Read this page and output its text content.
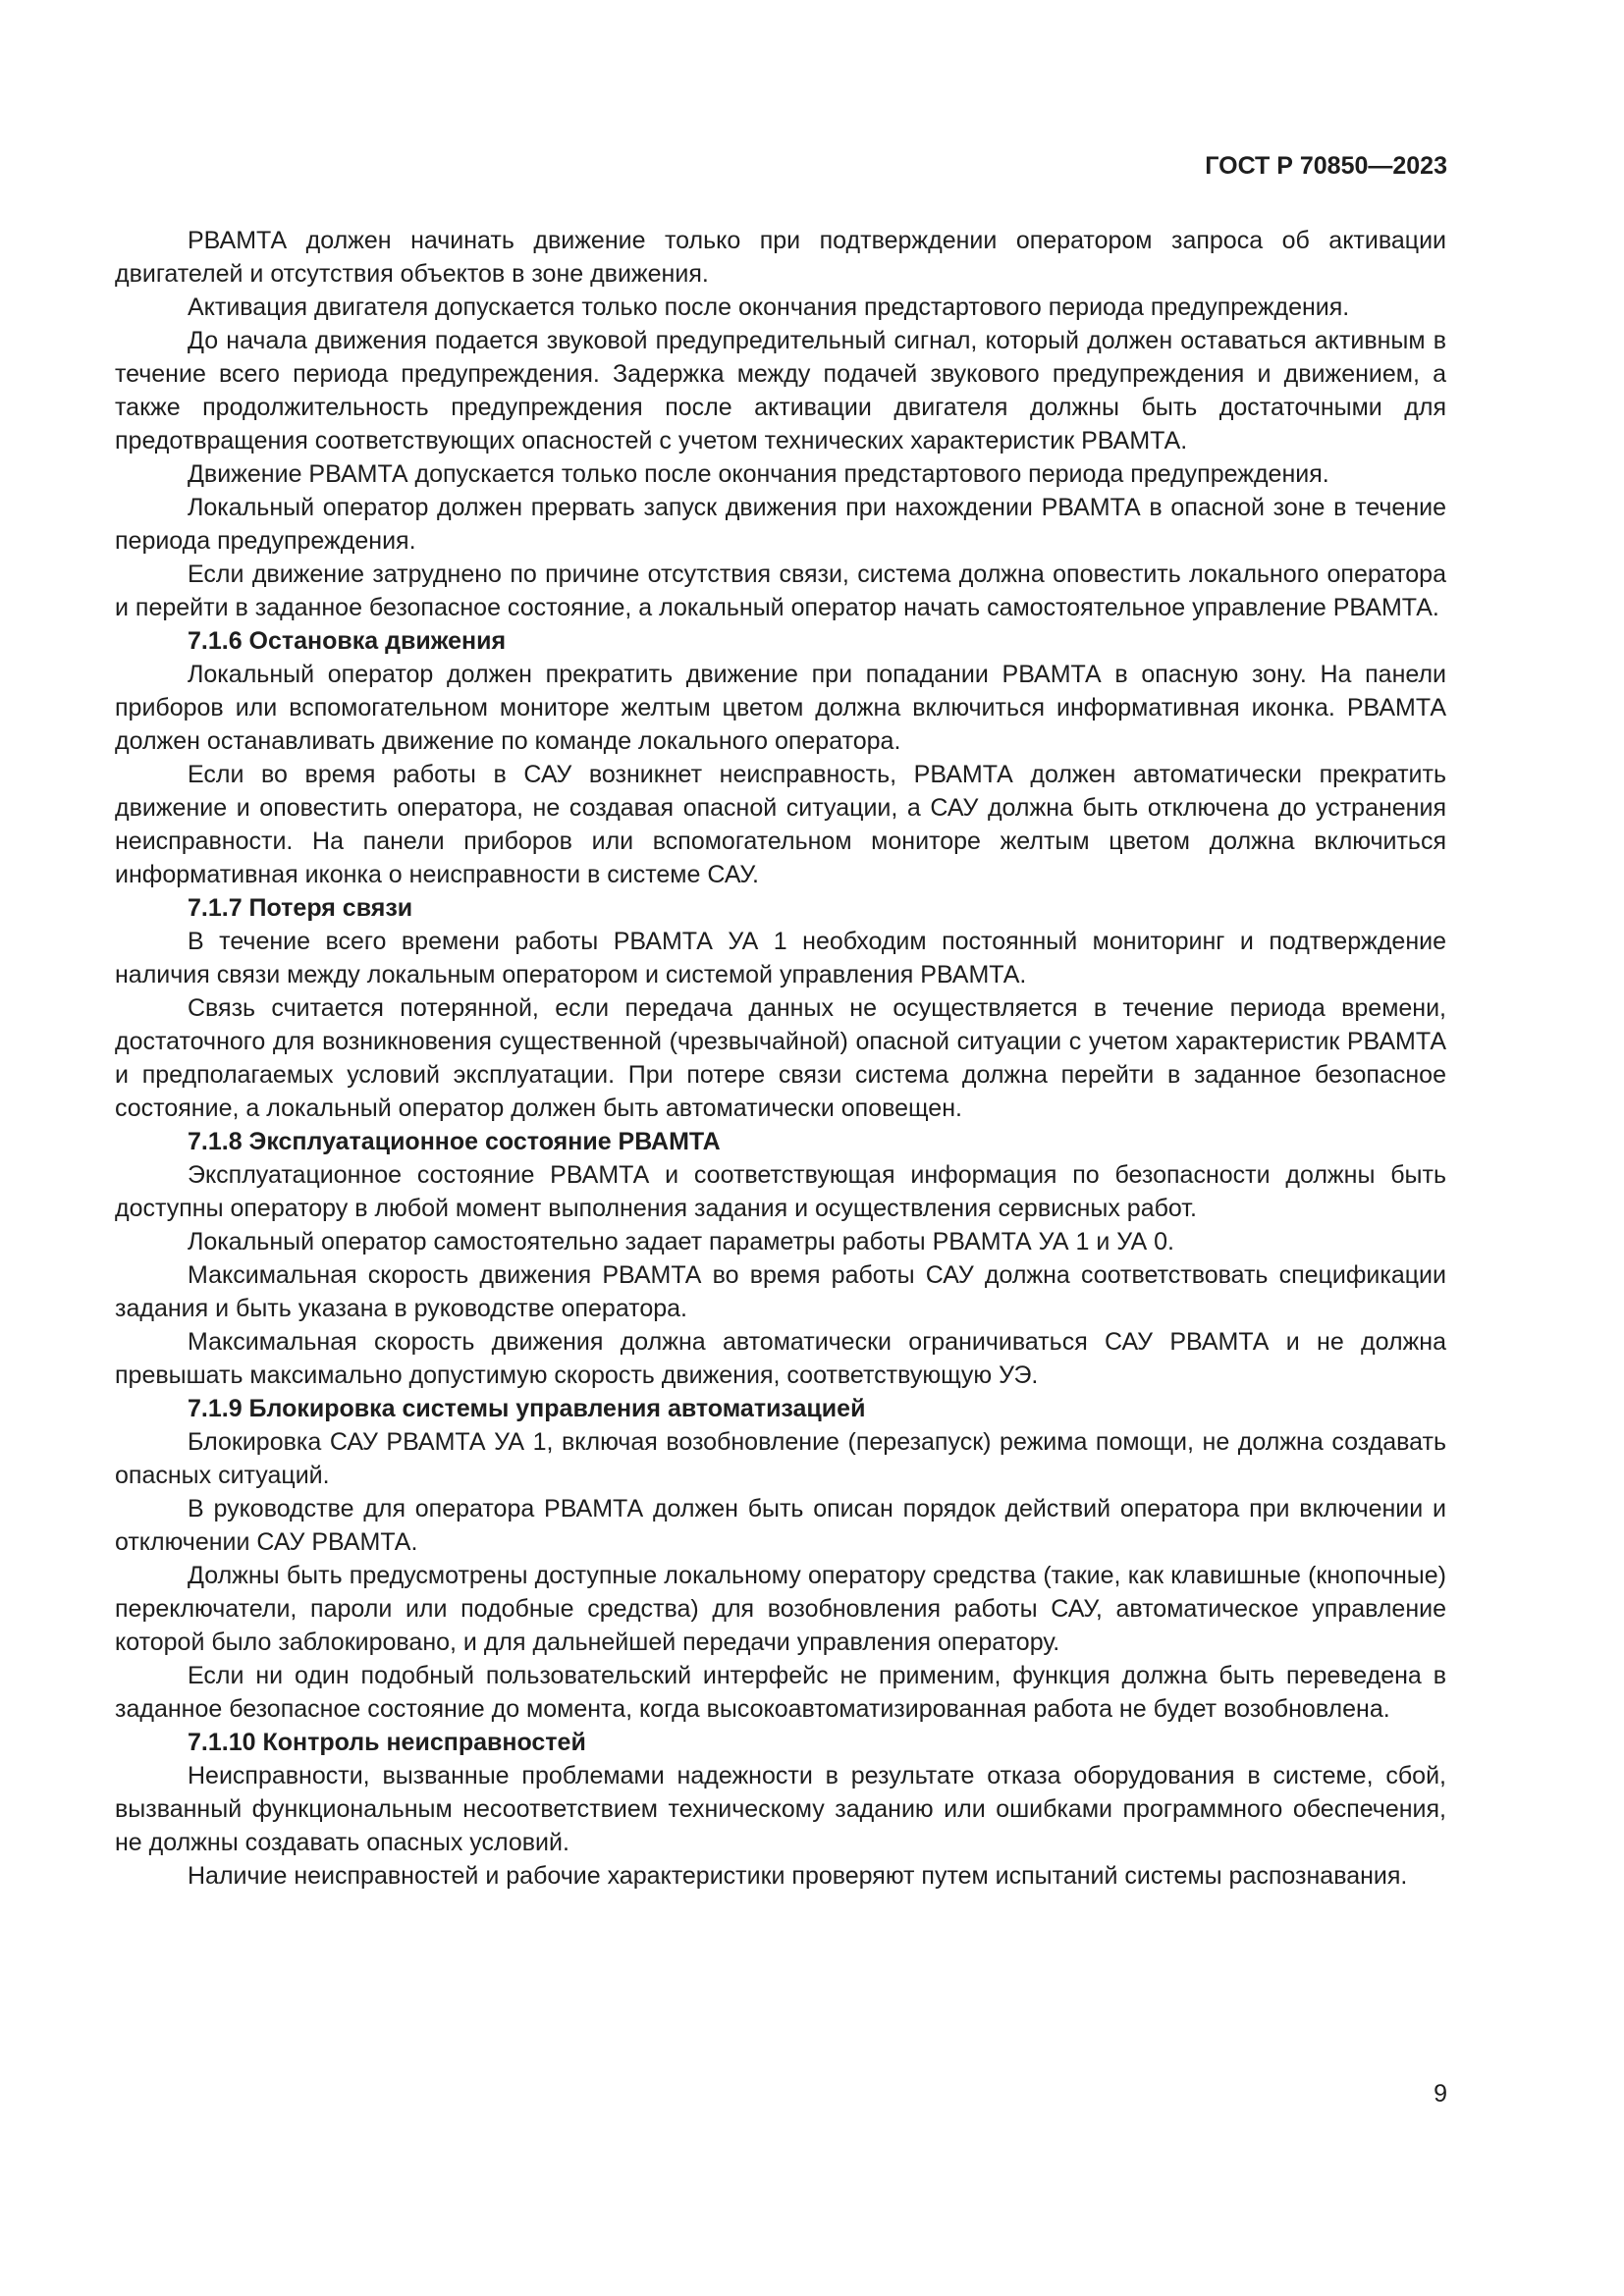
ГОСТ Р 70850—2023

РВАМТА должен начинать движение только при подтверждении оператором запроса об активации двигателей и отсутствия объектов в зоне движения.

Активация двигателя допускается только после окончания предстартового периода предупреждения.

До начала движения подается звуковой предупредительный сигнал, который должен оставаться активным в течение всего периода предупреждения. Задержка между подачей звукового предупреждения и движением, а также продолжительность предупреждения после активации двигателя должны быть достаточными для предотвращения соответствующих опасностей с учетом технических характеристик РВАМТА.

Движение РВАМТА допускается только после окончания предстартового периода предупреждения.

Локальный оператор должен прервать запуск движения при нахождении РВАМТА в опасной зоне в течение периода предупреждения.

Если движение затруднено по причине отсутствия связи, система должна оповестить локального оператора и перейти в заданное безопасное состояние, а локальный оператор начать самостоятельное управление РВАМТА.

7.1.6 Остановка движения

Локальный оператор должен прекратить движение при попадании РВАМТА в опасную зону. На панели приборов или вспомогательном мониторе желтым цветом должна включиться информативная иконка. РВАМТА должен останавливать движение по команде локального оператора.

Если во время работы в САУ возникнет неисправность, РВАМТА должен автоматически прекратить движение и оповестить оператора, не создавая опасной ситуации, а САУ должна быть отключена до устранения неисправности. На панели приборов или вспомогательном мониторе желтым цветом должна включиться информативная иконка о неисправности в системе САУ.

7.1.7 Потеря связи

В течение всего времени работы РВАМТА УА 1 необходим постоянный мониторинг и подтверждение наличия связи между локальным оператором и системой управления РВАМТА.

Связь считается потерянной, если передача данных не осуществляется в течение периода времени, достаточного для возникновения существенной (чрезвычайной) опасной ситуации с учетом характеристик РВАМТА и предполагаемых условий эксплуатации. При потере связи система должна перейти в заданное безопасное состояние, а локальный оператор должен быть автоматически оповещен.

7.1.8 Эксплуатационное состояние РВАМТА

Эксплуатационное состояние РВАМТА и соответствующая информация по безопасности должны быть доступны оператору в любой момент выполнения задания и осуществления сервисных работ.

Локальный оператор самостоятельно задает параметры работы РВАМТА УА 1 и УА 0.

Максимальная скорость движения РВАМТА во время работы САУ должна соответствовать спецификации задания и быть указана в руководстве оператора.

Максимальная скорость движения должна автоматически ограничиваться САУ РВАМТА и не должна превышать максимально допустимую скорость движения, соответствующую УЭ.

7.1.9 Блокировка системы управления автоматизацией

Блокировка САУ РВАМТА УА 1, включая возобновление (перезапуск) режима помощи, не должна создавать опасных ситуаций.

В руководстве для оператора РВАМТА должен быть описан порядок действий оператора при включении и отключении САУ РВАМТА.

Должны быть предусмотрены доступные локальному оператору средства (такие, как клавишные (кнопочные) переключатели, пароли или подобные средства) для возобновления работы САУ, автоматическое управление которой было заблокировано, и для дальнейшей передачи управления оператору.

Если ни один подобный пользовательский интерфейс не применим, функция должна быть переведена в заданное безопасное состояние до момента, когда высокоавтоматизированная работа не будет возобновлена.

7.1.10 Контроль неисправностей

Неисправности, вызванные проблемами надежности в результате отказа оборудования в системе, сбой, вызванный функциональным несоответствием техническому заданию или ошибками программного обеспечения, не должны создавать опасных условий.

Наличие неисправностей и рабочие характеристики проверяют путем испытаний системы распознавания.

9
